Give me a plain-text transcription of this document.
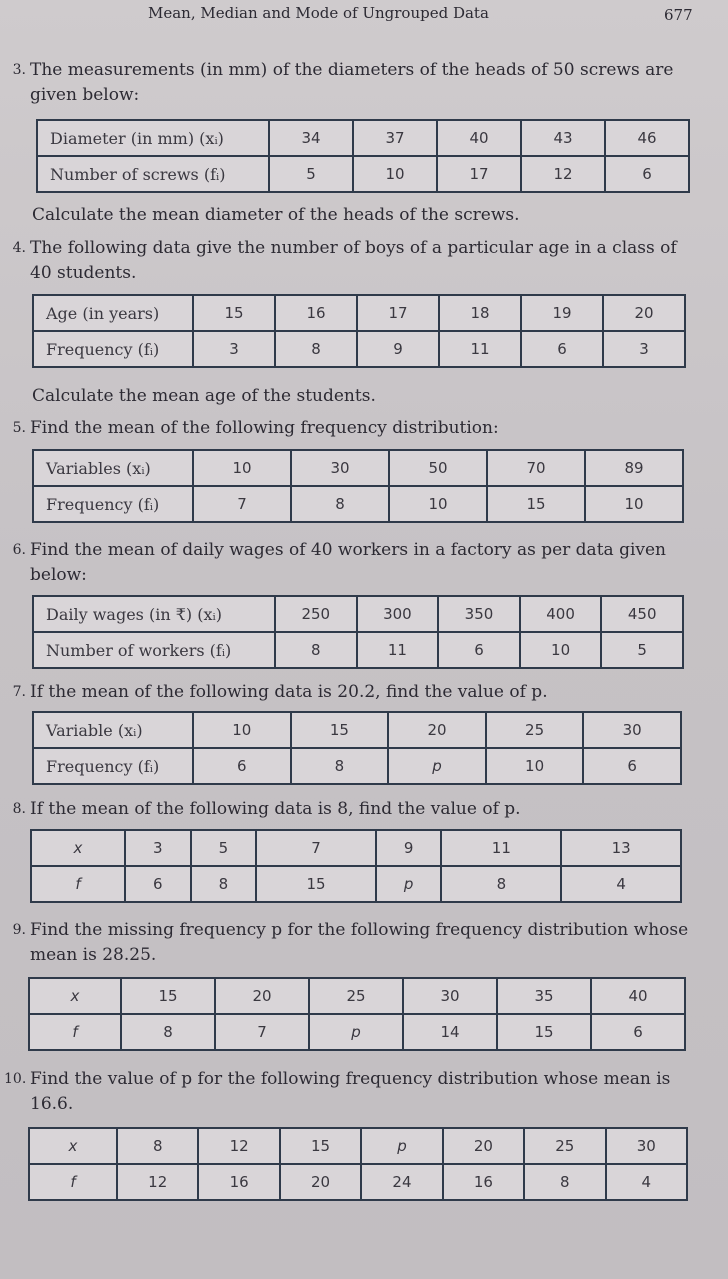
Mean, Median and Mode of Ungrouped Data	677
3. The measurements (in mm) of the diameters of the heads of 50 screws are given below:
Diameter (in mm) (xᵢ)	34	37	40	43	46
Number of screws (fᵢ)	5	10	17	12	6
Calculate the mean diameter of the heads of the screws.
4. The following data give the number of boys of a particular age in a class of 40 students.
Age (in years)	15	16	17	18	19	20
Frequency (fᵢ)	3	8	9	11	6	3
Calculate the mean age of the students.
5. Find the mean of the following frequency distribution:
Variables (xᵢ)	10	30	50	70	89
Frequency (fᵢ)	7	8	10	15	10
6. Find the mean of daily wages of 40 workers in a factory as per data given below:
Daily wages (in ₹) (xᵢ)	250	300	350	400	450
Number of workers (fᵢ)	8	11	6	10	5
7. If the mean of the following data is 20.2, find the value of p.
Variable (xᵢ)	10	15	20	25	30
Frequency (fᵢ)	6	8	p	10	6
8. If the mean of the following data is 8, find the value of p.
x	3	5	7	9	11	13
f	6	8	15	p	8	4
9. Find the missing frequency p for the following frequency distribution whose mean is 28.25.
x	15	20	25	30	35	40
f	8	7	p	14	15	6
10. Find the value of p for the following frequency distribution whose mean is 16.6.
x	8	12	15	p	20	25	30
f	12	16	20	24	16	8	4
